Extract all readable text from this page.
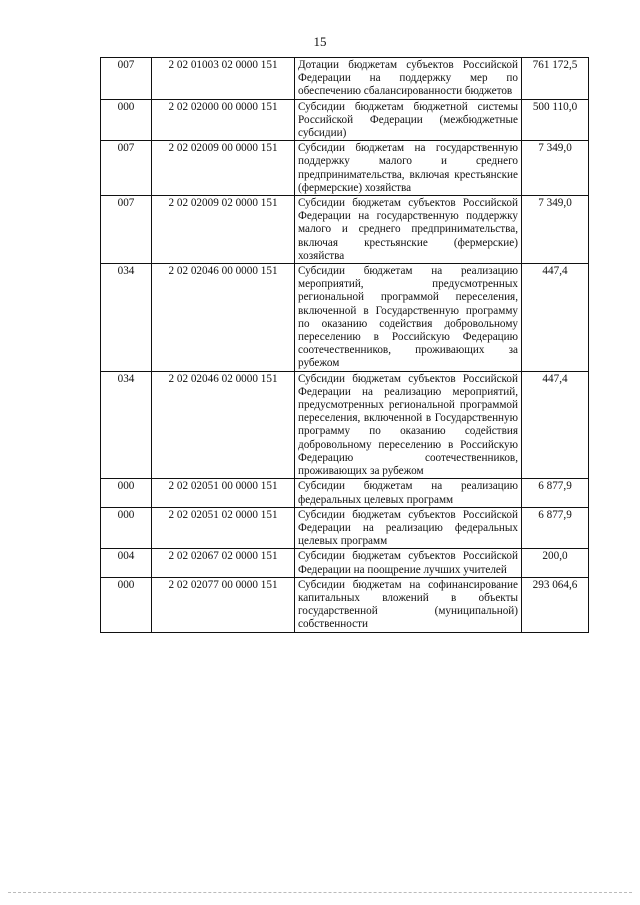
15
007	2 02 01003 02 0000 151	Дотации бюджетам субъектов Российской Федерации на поддержку мер по обеспечению сбалансированности бюджетов	761 172,5
000	2 02 02000 00 0000 151	Субсидии бюджетам бюджетной системы Российской Федерации (межбюджетные субсидии)	500 110,0
007	2 02 02009 00 0000 151	Субсидии бюджетам на государственную поддержку малого и среднего предпринимательства, включая крестьянские (фермерские) хозяйства	7 349,0
007	2 02 02009 02 0000 151	Субсидии бюджетам субъектов Российской Федерации на государственную поддержку малого и среднего предпринимательства, включая крестьянские (фермерские) хозяйства	7 349,0
034	2 02 02046 00 0000 151	Субсидии бюджетам на реализацию мероприятий, предусмотренных региональной программой переселения, включенной в Государственную программу по оказанию содействия добровольному переселению в Российскую Федерацию соотечественников, проживающих за рубежом	447,4
034	2 02 02046 02 0000 151	Субсидии бюджетам субъектов Российской Федерации на реализацию мероприятий, предусмотренных региональной программой переселения, включенной в Государственную программу по оказанию содействия добровольному переселению в Российскую Федерацию соотечественников, проживающих за рубежом	447,4
000	2 02 02051 00 0000 151	Субсидии бюджетам на реализацию федеральных целевых программ	6 877,9
000	2 02 02051 02 0000 151	Субсидии бюджетам субъектов Российской Федерации на реализацию федеральных целевых программ	6 877,9
004	2 02 02067 02 0000 151	Субсидии бюджетам субъектов Российской Федерации на поощрение лучших учителей	200,0
000	2 02 02077 00 0000 151	Субсидии бюджетам на софинансирование капитальных вложений в объекты государственной (муниципальной) собственности	293 064,6
